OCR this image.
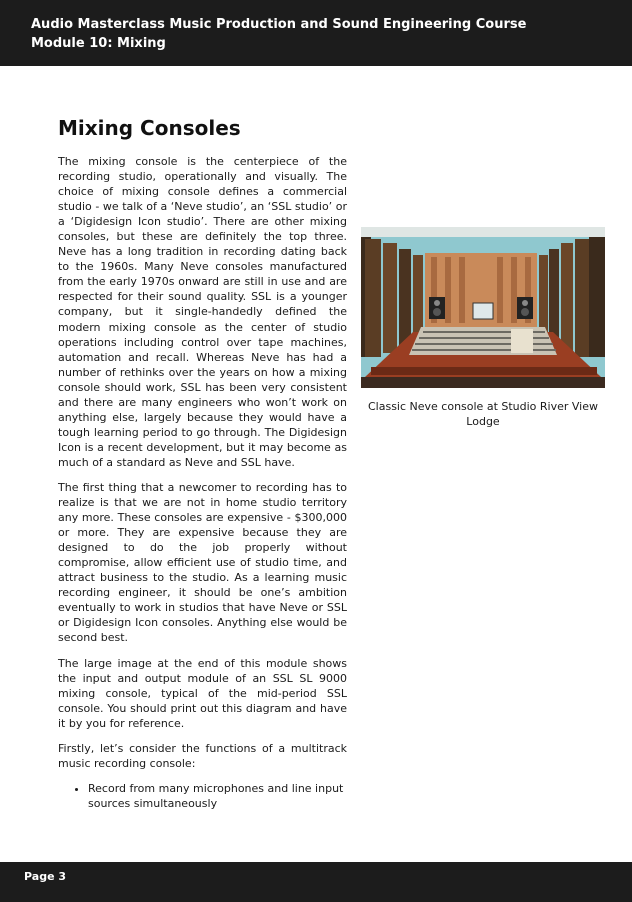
Audio Masterclass Music Production and Sound Engineering Course
Module 10: Mixing
Mixing Consoles

The mixing console is the centerpiece of the recording studio, operationally and visually. The choice of mixing console defines a commercial studio - we talk of a ‘Neve studio’, an ‘SSL studio’ or a ‘Digidesign Icon studio’. There are other mixing consoles, but these are definitely the top three. Neve has a long tradition in recording dating back to the 1960s. Many Neve consoles manufactured from the early 1970s onward are still in use and are respected for their sound quality. SSL is a younger company, but it single-handedly defined the modern mixing console as the center of studio operations including control over tape machines, automation and recall. Whereas Neve has had a number of rethinks over the years on how a mixing console should work, SSL has been very consistent and there are many engineers who won’t work on anything else, largely because they would have a tough learning period to go through. The Digidesign Icon is a recent development, but it may become as much of a standard as Neve and SSL have.

The first thing that a newcomer to recording has to realize is that we are not in home studio territory any more. These consoles are expensive - $300,000 or more. They are expensive because they are designed to do the job properly without compromise, allow efficient use of studio time, and attract business to the studio. As a learning music recording engineer, it should be one’s ambition eventually to work in studios that have Neve or SSL or Digidesign Icon consoles. Anything else would be second best.

The large image at the end of this module shows the input and output module of an SSL SL 9000 mixing console, typical of the mid-period SSL console. You should print out this diagram and have it by you for reference.

Firstly, let’s consider the functions of a multitrack music recording console:

• Record from many microphones and line input sources simultaneously
Classic Neve console at Studio River View Lodge
Page 3
